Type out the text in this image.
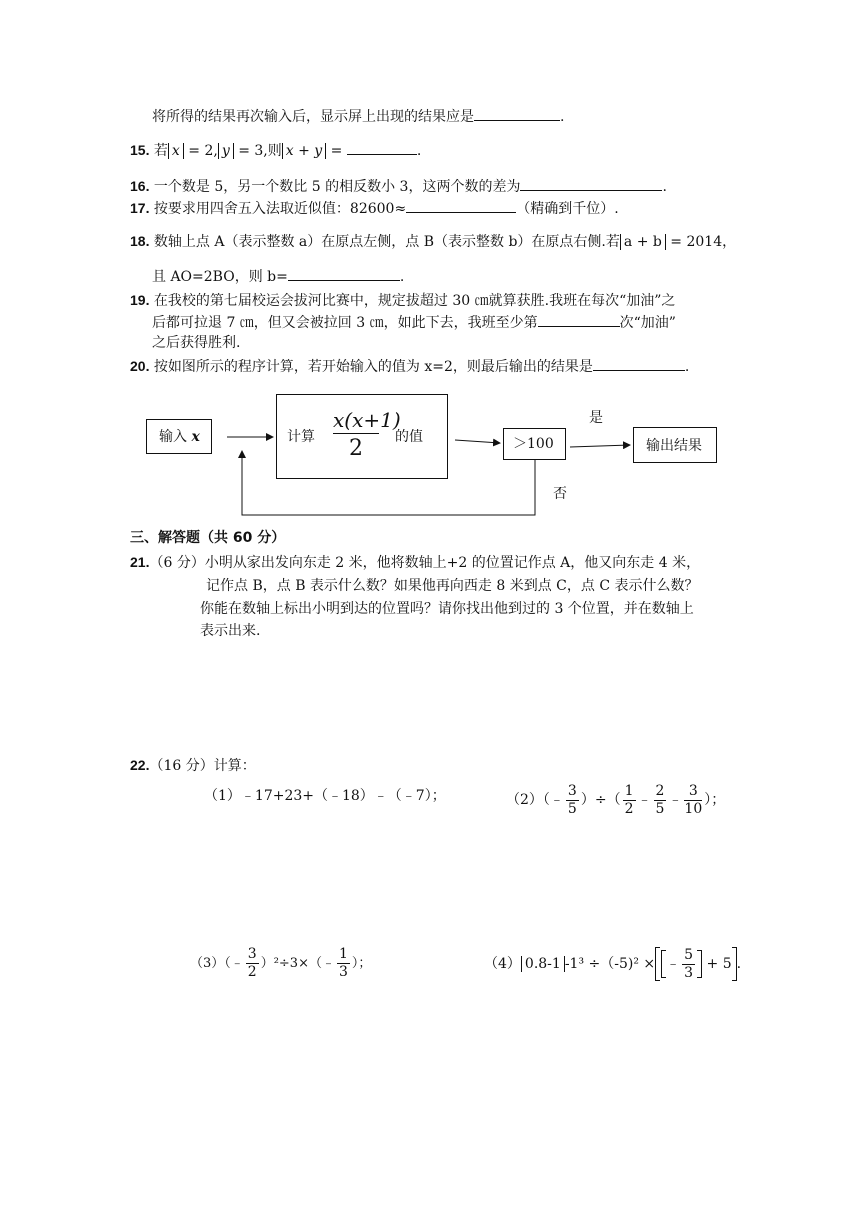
将所得的结果再次输入后，显示屏上出现的结果应是	.
15. 若 x = 2, y = 3,则 x + y =	.
16. 一个数是 5，另一个数比 5 的相反数小 3，这两个数的差为	.
17. 按要求用四舍五入法取近似值：82600≈	（精确到千位）.
18. 数轴上点 A（表示整数 a）在原点左侧，点 B（表示整数 b）在原点右侧.若 a + b = 2014，
且 AO=2BO，则 b=	.
19. 在我校的第七届校运会拔河比赛中，规定拔超过 30 ㎝就算获胜.我班在每次“加油”之
后都可拉退 7 ㎝，但又会被拉回 3 ㎝，如此下去，我班至少第	次“加油”
之后获得胜利.
20. 按如图所示的程序计算，若开始输入的值为 x=2，则最后输出的结果是	.
输入 x	计算
x(x+1)
2	的值	＞100	输出结果
是
否
三、解答题（共 60 分）
21.（6 分）小明从家出发向东走 2 米，他将数轴上+2 的位置记作点 A，他又向东走 4 米，
记作点 B，点 B 表示什么数？如果他再向西走 8 米到点 C，点 C 表示什么数？
你能在数轴上标出小明到达的位置吗？请你找出他到过的 3 个位置，并在数轴上
表示出来.
22.（16 分）计算：
（1）﹣17+23+（﹣18）﹣（﹣7）；	（2）（﹣ $\frac{3}{5}$ ）÷（ $\frac{1}{2}$ ﹣ $\frac{2}{5}$ ﹣ $\frac{3}{10}$ ）；
（3）（﹣ $\frac{3}{2}$ ）²÷3×（﹣ $\frac{1}{3}$ ）；	（4） 0.8-1 -1³ ÷（-5)² × ﹣ $\frac{5}{3} + 5$ .
